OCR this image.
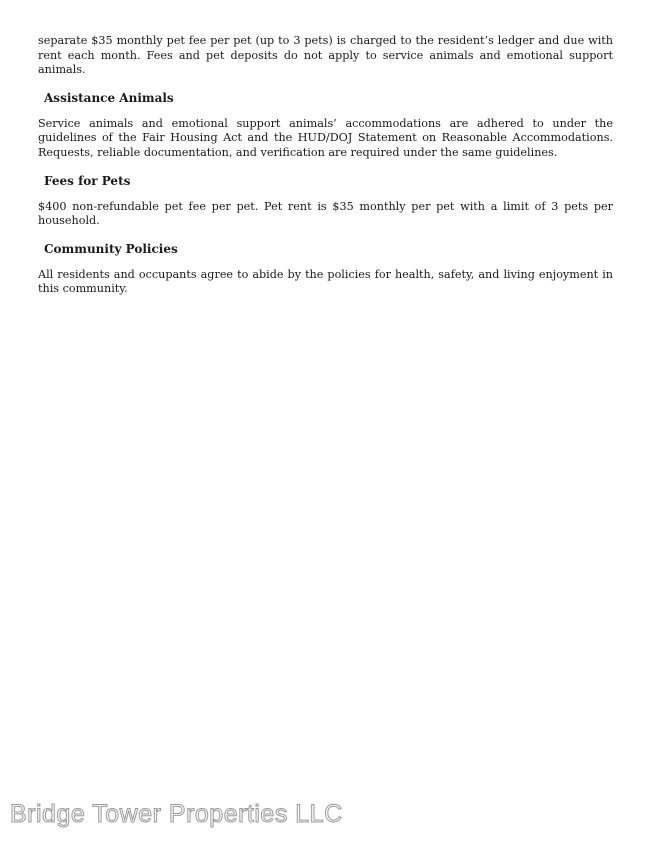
separate $35 monthly pet fee per pet (up to 3 pets) is charged to the resident’s ledger and due with rent each month. Fees and pet deposits do not apply to service animals and emotional support animals.

Assistance Animals

Service animals and emotional support animals’ accommodations are adhered to under the guidelines of the Fair Housing Act and the HUD/DOJ Statement on Reasonable Accommodations. Requests, reliable documentation, and verification are required under the same guidelines.

Fees for Pets

$400 non-refundable pet fee per pet. Pet rent is $35 monthly per pet with a limit of 3 pets per household.

Community Policies

All residents and occupants agree to abide by the policies for health, safety, and living enjoyment in this community.

Bridge Tower Properties LLC
